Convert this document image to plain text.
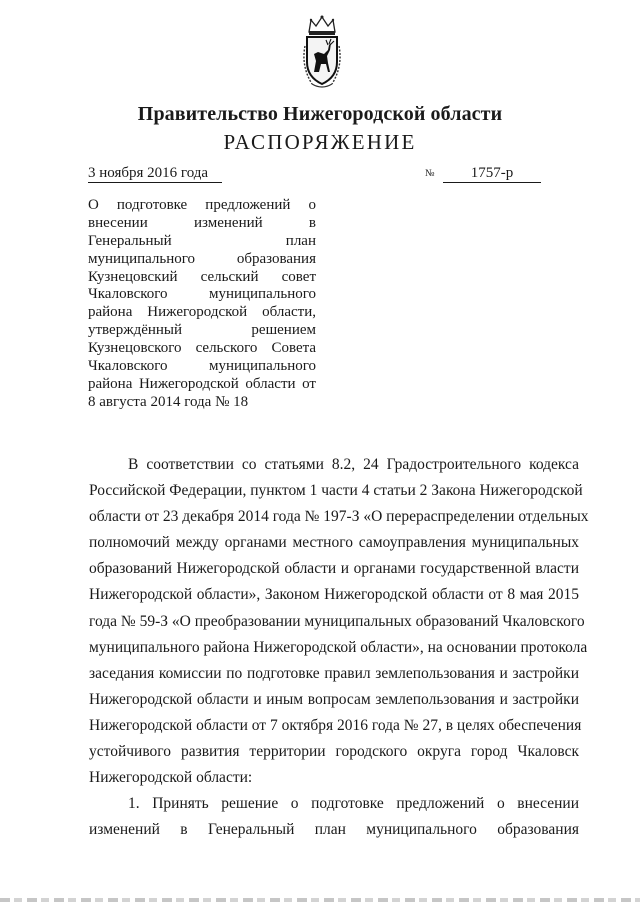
Правительство Нижегородской области
РАСПОРЯЖЕНИЕ
3 ноября 2016 года	№	1757-р
О подготовке предложений о
внесении изменений в
Генеральный план
муниципального образования
Кузнецовский сельский совет
Чкаловского муниципального
района Нижегородской области,
утверждённый решением
Кузнецовского сельского Совета
Чкаловского муниципального
района Нижегородской области от
8 августа 2014 года № 18
В соответствии со статьями 8.2, 24 Градостроительного кодекса
Российской Федерации, пунктом 1 части 4 статьи 2 Закона Нижегородской
области от 23 декабря 2014 года № 197-З «О перераспределении отдельных
полномочий между органами местного самоуправления муниципальных
образований Нижегородской области и органами государственной власти
Нижегородской области», Законом Нижегородской области от 8 мая 2015
года № 59-З «О преобразовании муниципальных образований Чкаловского
муниципального района Нижегородской области», на основании протокола
заседания комиссии по подготовке правил землепользования и застройки
Нижегородской области и иным вопросам землепользования и застройки
Нижегородской области от 7 октября 2016 года № 27, в целях обеспечения
устойчивого развития территории городского округа город Чкаловск
Нижегородской области:
1. Принять решение о подготовке предложений о внесении
изменений в Генеральный план муниципального образования
